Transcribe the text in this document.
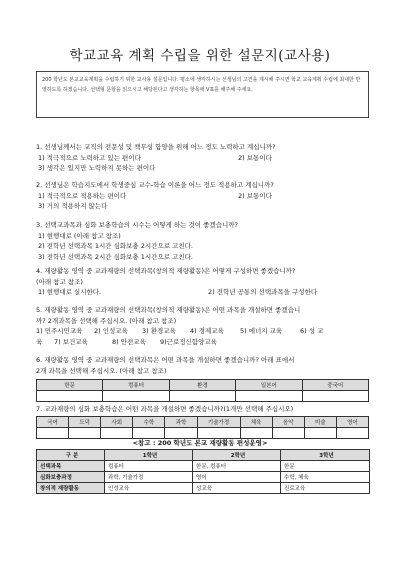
학교교육 계획 수립을 위한 설문지(교사용)
200 학년도 본교교육계획을 수립하기 위한 교사용 설문입니다. 평소에 생각하시는 선생님의 고견을 제시해 주시면 학교 교육계획 수립에 최대한 반영하도록 하겠습니다. 선택형 문항을 읽으시고 해당된다고 생각하는 항목에 V표를 해주해 주세요.
1. 선생님께서는 교직의 전문성 및 책무성 함양을 위해 어느 정도 노력하고 계십니까?
1) 적극적으로 노력하고 있는 편이다	2) 보통이다
3) 생각은 있지만 노력하지 못하는 편이다
2. 선생님은 학습지도에서 학생중심 교수-학습 이론을 어느 정도 적용하고 계십니까?
1) 적극적으로 적용하는 편이다	2) 보통이다
3) 거의 적용하지 않는다
3. 선택교과목과 심화 보충학습의 시수는 어떻게 하는 것이 좋겠습니까?
1) 현행대로 (아래 참고 참조)
2) 전학년 선택과목 1시간 심화보충 2시간으로 고친다.
3) 전학년 선택과목 2시간 심화보충 1시간으로 고친다.
4. 재량활동 영역 중 교과재량의 선택과목(창의적 재량활동)은 어떻게 구성하면 좋겠습니까?
(아래 참고 참조)
1) 현행대로 실시한다.	2) 전학년 공통의 선택과목을 구성한다
5. 재량활동 영역 중 교과재량의 선택과목(창의적 재량활동)은 어떤 과목을 개설하면 좋겠습니
까? 2개과목을 선택해 주십시오. (아래 참고 참조)
1) 민주시민교육	2) 인성교육	3) 환경교육	4) 경제교육	5) 에너지 교육	6) 성 교
육	7) 보건교육	8) 안전교육	9)근로정신함양교육
6. 재량활동 영역 중 교과재량의 선택과목은 어떤 과목을 개설하면 좋겠습니까? 아래 표에서
2개 과목을 선택해 주십시오. (아래 참고 참조)
한문	컴퓨터	환경	일본어	중국어

7. 교과재량의 심화 보충학습은 어떤 과목을 개설하면 좋겠습니까?(1개만 선택해 주십시오)
국어	도덕	사회	수학	과학	기술가정	체육	음악	미술	영어

<참고 : 200 학년도 본교 재량활동 편성운영>
구 분	1학년	2학년	3학년
선택과목	컴퓨터	한문, 컴퓨터	한문
심화보충과정	과학, 기술가정	영어	수학, 체육
창의적 재량활동	인성교육	성교육	진로교육
